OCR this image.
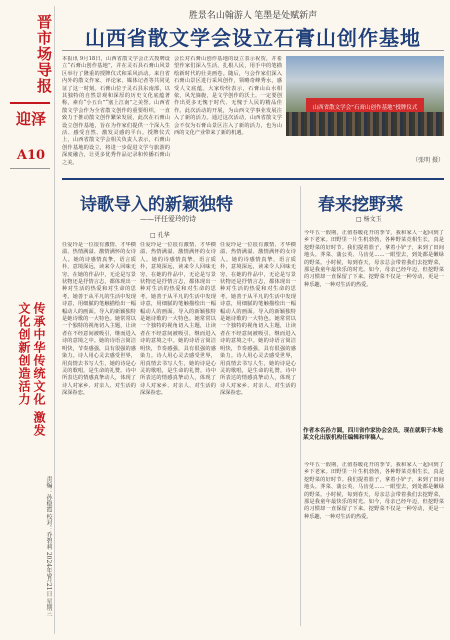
晋市场导报
迎泽
A10
传承中华传统文化 激发文化创新创造活力
责编：孙稳霞 校对：乔碧莉 2024年9月21日 星期三
胜景名山翰游人 笔墨是处赋新声
山西省散文学会设立石膏山创作基地
本报讯 9月18日，山西省散文学会正式授牌设立“石膏山创作基地”，并在灵石县石膏山风景区举行了隆重的授牌仪式和采风活动。来自省内外的散文作家、评论家、媒体记者等共同见证了这一时刻。石膏山位于灵石县东南部，以其独特的自然景观和深厚的历史文化底蕴著称，素有“小五台”“塞上江南”之美誉。山西省散文学会作为全省散文创作的重要组织，一直致力于推动散文创作繁荣发展，此次在石膏山设立创作基地，旨在为作家们提供一个深入生活、感受自然、激发灵感的平台。授牌仪式上，山西省散文学会相关负责人表示，石膏山创作基地的设立，将进一步促进文学与旅游的深度融合，让更多优秀作品记录和传播石膏山之美。
会长对石膏山创作基地的设立表示祝贺，并希望作家们深入生活，扎根人民，用手中的笔描绘新时代的壮美画卷。随后，与会作家们深入石膏山景区进行采风创作，领略奇峰秀水，感受人文底蕴。大家纷纷表示，石膏山山水相依，风光旖旎，是文学创作的沃土，一定要创作出更多无愧于时代、无愧于人民的精品佳作。此次活动的开展，为山西文学事业发展注入了新的活力。通过这次活动，山西省散文学会不仅为石膏山景区注入了新的活力，也为山西的文化产业带来了新的机遇。
山西省散文学会“石膏山创作基地”授牌仪式
（张明 摄）
诗歌导入的新颖独特
——评任爱玲的诗
□ 孔华
任爱玲是一位很有激情、才华横溢、热情满溢、激情满怀的女诗人。她的诗感情真挚，语言质朴，意境深远，读来令人回味无穷。在她的作品中，无论是写景状物还是抒情言志，都体现出一种对生活的热爱和对生命的思考。她善于从平凡的生活中发现诗意，用细腻的笔触描绘出一幅幅动人的画面。导入的新颖独特是她诗歌的一大特色。她常常以一个独特的视角切入主题，让读者在不经意间被吸引，继而进入诗的意境之中。她的诗语言简洁明快，节奏感强，具有很强的感染力。诗人用心灵去感受世界，用真情去书写人生，她的诗是心灵的歌唱，是生命的礼赞。诗中所表达的情感真挚动人，体现了诗人对家乡、对亲人、对生活的深深眷恋。
任爱玲是一位很有激情、才华横溢、热情满溢、激情满怀的女诗人。她的诗感情真挚，语言质朴，意境深远，读来令人回味无穷。在她的作品中，无论是写景状物还是抒情言志，都体现出一种对生活的热爱和对生命的思考。她善于从平凡的生活中发现诗意，用细腻的笔触描绘出一幅幅动人的画面。导入的新颖独特是她诗歌的一大特色。她常常以一个独特的视角切入主题，让读者在不经意间被吸引，继而进入诗的意境之中。她的诗语言简洁明快，节奏感强，具有很强的感染力。诗人用心灵去感受世界，用真情去书写人生，她的诗是心灵的歌唱，是生命的礼赞。诗中所表达的情感真挚动人，体现了诗人对家乡、对亲人、对生活的深深眷恋。
任爱玲是一位很有激情、才华横溢、热情满溢、激情满怀的女诗人。她的诗感情真挚，语言质朴，意境深远，读来令人回味无穷。在她的作品中，无论是写景状物还是抒情言志，都体现出一种对生活的热爱和对生命的思考。她善于从平凡的生活中发现诗意，用细腻的笔触描绘出一幅幅动人的画面。导入的新颖独特是她诗歌的一大特色。她常常以一个独特的视角切入主题，让读者在不经意间被吸引，继而进入诗的意境之中。她的诗语言简洁明快，节奏感强，具有很强的感染力。诗人用心灵去感受世界，用真情去书写人生，她的诗是心灵的歌唱，是生命的礼赞。诗中所表达的情感真挚动人，体现了诗人对家乡、对亲人、对生活的深深眷恋。
春来挖野菜
□ 杨文玉
今年五一假期，正值春暖花开的季节，我和家人一起回到了乡下老家。田野里一片生机勃勃，各种野菜竞相生长，真是挖野菜的好时节。我们提着篮子，拿着小铲子，来到了田间地头。荠菜、蒲公英、马齿苋……一眼望去，到处都是嫩绿的野菜。小时候，每到春天，母亲总会带着我们去挖野菜，那是我童年最快乐的时光。如今，母亲已经年迈，但挖野菜的习惯却一直保留了下来。挖野菜不仅是一种劳动，更是一种乐趣，一种对生活的热爱。
作者本名孙方圆，四川省作家协会会员，现在就职于本地某文化出版机构任编辑和审稿人。
今年五一假期，正值春暖花开的季节，我和家人一起回到了乡下老家。田野里一片生机勃勃，各种野菜竞相生长，真是挖野菜的好时节。我们提着篮子，拿着小铲子，来到了田间地头。荠菜、蒲公英、马齿苋……一眼望去，到处都是嫩绿的野菜。小时候，每到春天，母亲总会带着我们去挖野菜，那是我童年最快乐的时光。如今，母亲已经年迈，但挖野菜的习惯却一直保留了下来。挖野菜不仅是一种劳动，更是一种乐趣，一种对生活的热爱。
